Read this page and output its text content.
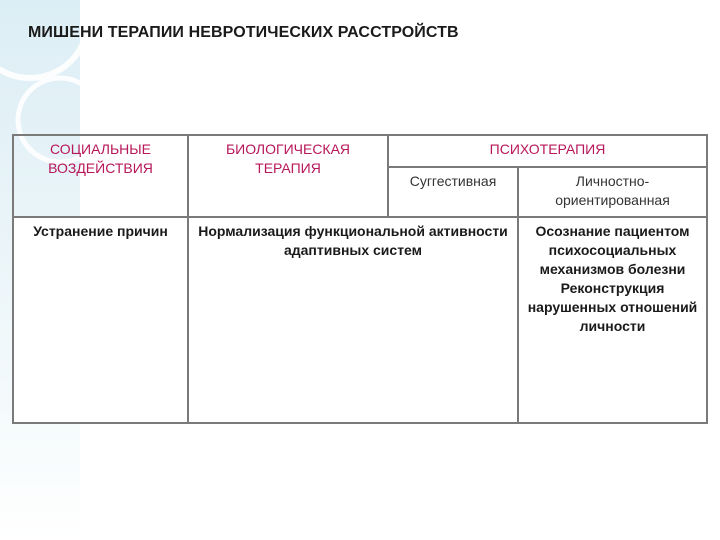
МИШЕНИ ТЕРАПИИ НЕВРОТИЧЕСКИХ РАССТРОЙСТВ
СОЦИАЛЬНЫЕ ВОЗДЕЙСТВИЯ	БИОЛОГИЧЕСКАЯ ТЕРАПИЯ	ПСИХОТЕРАПИЯ	
		Суггестивная	Личностно-ориентированная
Устранение причин	Нормализация функциональной активности адаптивных систем		Осознание пациентом психосоциальных механизмов болезни Реконструкция нарушенных отношений личности
